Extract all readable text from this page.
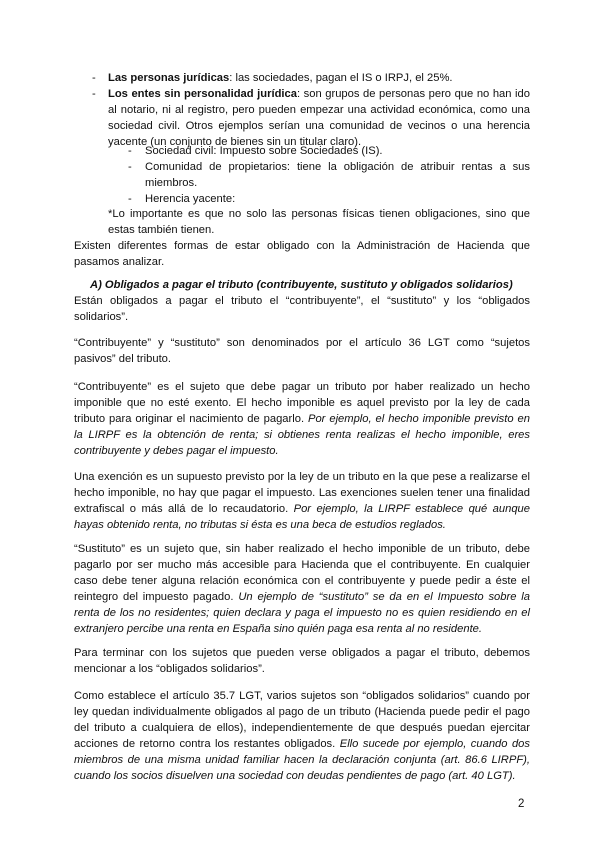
- Las personas jurídicas: las sociedades, pagan el IS o IRPJ, el 25%.

- Los entes sin personalidad jurídica: son grupos de personas pero que no han ido al notario, ni al registro, pero pueden empezar una actividad económica, como una sociedad civil. Otros ejemplos serían una comunidad de vecinos o una herencia yacente (un conjunto de bienes sin un titular claro).

- Sociedad civil: Impuesto sobre Sociedades (IS).

- Comunidad de propietarios: tiene la obligación de atribuir rentas a sus miembros.

- Herencia yacente:

*Lo importante es que no solo las personas físicas tienen obligaciones, sino que estas también tienen.

Existen diferentes formas de estar obligado con la Administración de Hacienda que pasamos analizar.

A) Obligados a pagar el tributo (contribuyente, sustituto y obligados solidarios)

Están obligados a pagar el tributo el “contribuyente”, el “sustituto” y los “obligados solidarios”.

“Contribuyente” y “sustituto” son denominados por el artículo 36 LGT como “sujetos pasivos” del tributo.

“Contribuyente” es el sujeto que debe pagar un tributo por haber realizado un hecho imponible que no esté exento. El hecho imponible es aquel previsto por la ley de cada tributo para originar el nacimiento de pagarlo. Por ejemplo, el hecho imponible previsto en la LIRPF es la obtención de renta; si obtienes renta realizas el hecho imponible, eres contribuyente y debes pagar el impuesto.

Una exención es un supuesto previsto por la ley de un tributo en la que pese a realizarse el hecho imponible, no hay que pagar el impuesto. Las exenciones suelen tener una finalidad extrafiscal o más allá de lo recaudatorio. Por ejemplo, la LIRPF establece qué aunque hayas obtenido renta, no tributas si ésta es una beca de estudios reglados.

“Sustituto” es un sujeto que, sin haber realizado el hecho imponible de un tributo, debe pagarlo por ser mucho más accesible para Hacienda que el contribuyente. En cualquier caso debe tener alguna relación económica con el contribuyente y puede pedir a éste el reintegro del impuesto pagado. Un ejemplo de “sustituto” se da en el Impuesto sobre la renta de los no residentes; quien declara y paga el impuesto no es quien residiendo en el extranjero percibe una renta en España sino quién paga esa renta al no residente.

Para terminar con los sujetos que pueden verse obligados a pagar el tributo, debemos mencionar a los “obligados solidarios”.

Como establece el artículo 35.7 LGT, varios sujetos son “obligados solidarios” cuando por ley quedan individualmente obligados al pago de un tributo (Hacienda puede pedir el pago del tributo a cualquiera de ellos), independientemente de que después puedan ejercitar acciones de retorno contra los restantes obligados. Ello sucede por ejemplo, cuando dos miembros de una misma unidad familiar hacen la declaración conjunta (art. 86.6 LIRPF), cuando los socios disuelven una sociedad con deudas pendientes de pago (art. 40 LGT).

2
